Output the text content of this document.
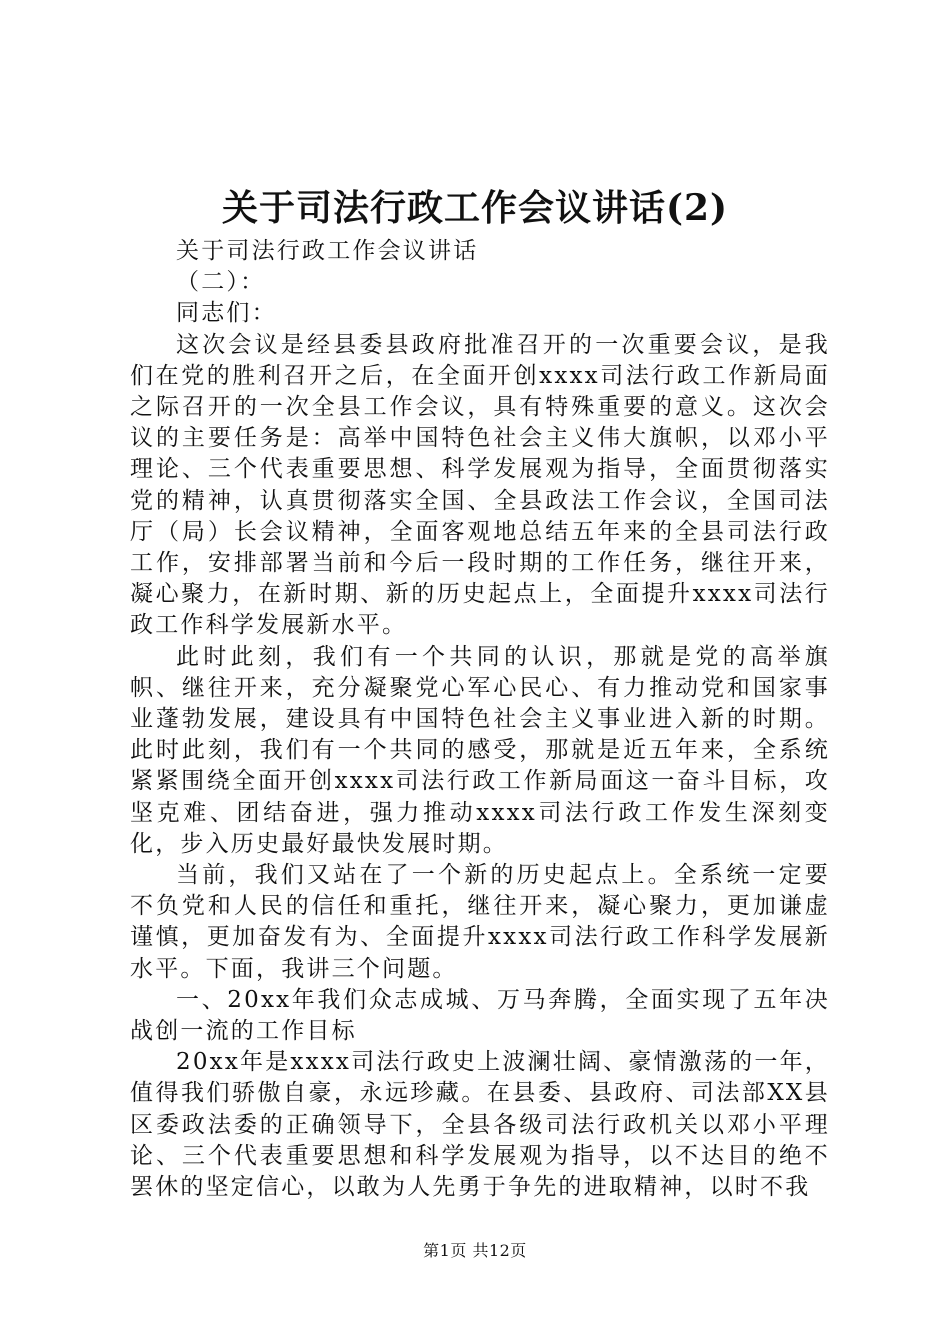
关于司法行政工作会议讲话(2)

关于司法行政工作会议讲话

（二）：

同志们：

这次会议是经县委县政府批准召开的一次重要会议，是我们在党的胜利召开之后，在全面开创xxxx司法行政工作新局面之际召开的一次全县工作会议，具有特殊重要的意义。这次会议的主要任务是：高举中国特色社会主义伟大旗帜，以邓小平理论、三个代表重要思想、科学发展观为指导，全面贯彻落实党的精神，认真贯彻落实全国、全县政法工作会议，全国司法厅（局）长会议精神，全面客观地总结五年来的全县司法行政工作，安排部署当前和今后一段时期的工作任务，继往开来，凝心聚力，在新时期、新的历史起点上，全面提升xxxx司法行政工作科学发展新水平。

此时此刻，我们有一个共同的认识，那就是党的高举旗帜、继往开来，充分凝聚党心军心民心、有力推动党和国家事业蓬勃发展，建设具有中国特色社会主义事业进入新的时期。此时此刻，我们有一个共同的感受，那就是近五年来，全系统紧紧围绕全面开创xxxx司法行政工作新局面这一奋斗目标，攻坚克难、团结奋进，强力推动xxxx司法行政工作发生深刻变化，步入历史最好最快发展时期。

当前，我们又站在了一个新的历史起点上。全系统一定要不负党和人民的信任和重托，继往开来，凝心聚力，更加谦虚谨慎，更加奋发有为、全面提升xxxx司法行政工作科学发展新水平。下面，我讲三个问题。

一、20xx年我们众志成城、万马奔腾，全面实现了五年决战创一流的工作目标

20xx年是xxxx司法行政史上波澜壮阔、豪情激荡的一年，值得我们骄傲自豪，永远珍藏。在县委、县政府、司法部XX县区委政法委的正确领导下，全县各级司法行政机关以邓小平理论、三个代表重要思想和科学发展观为指导，以不达目的绝不罢休的坚定信心，以敢为人先勇于争先的进取精神，以时不我

第1页 共12页
